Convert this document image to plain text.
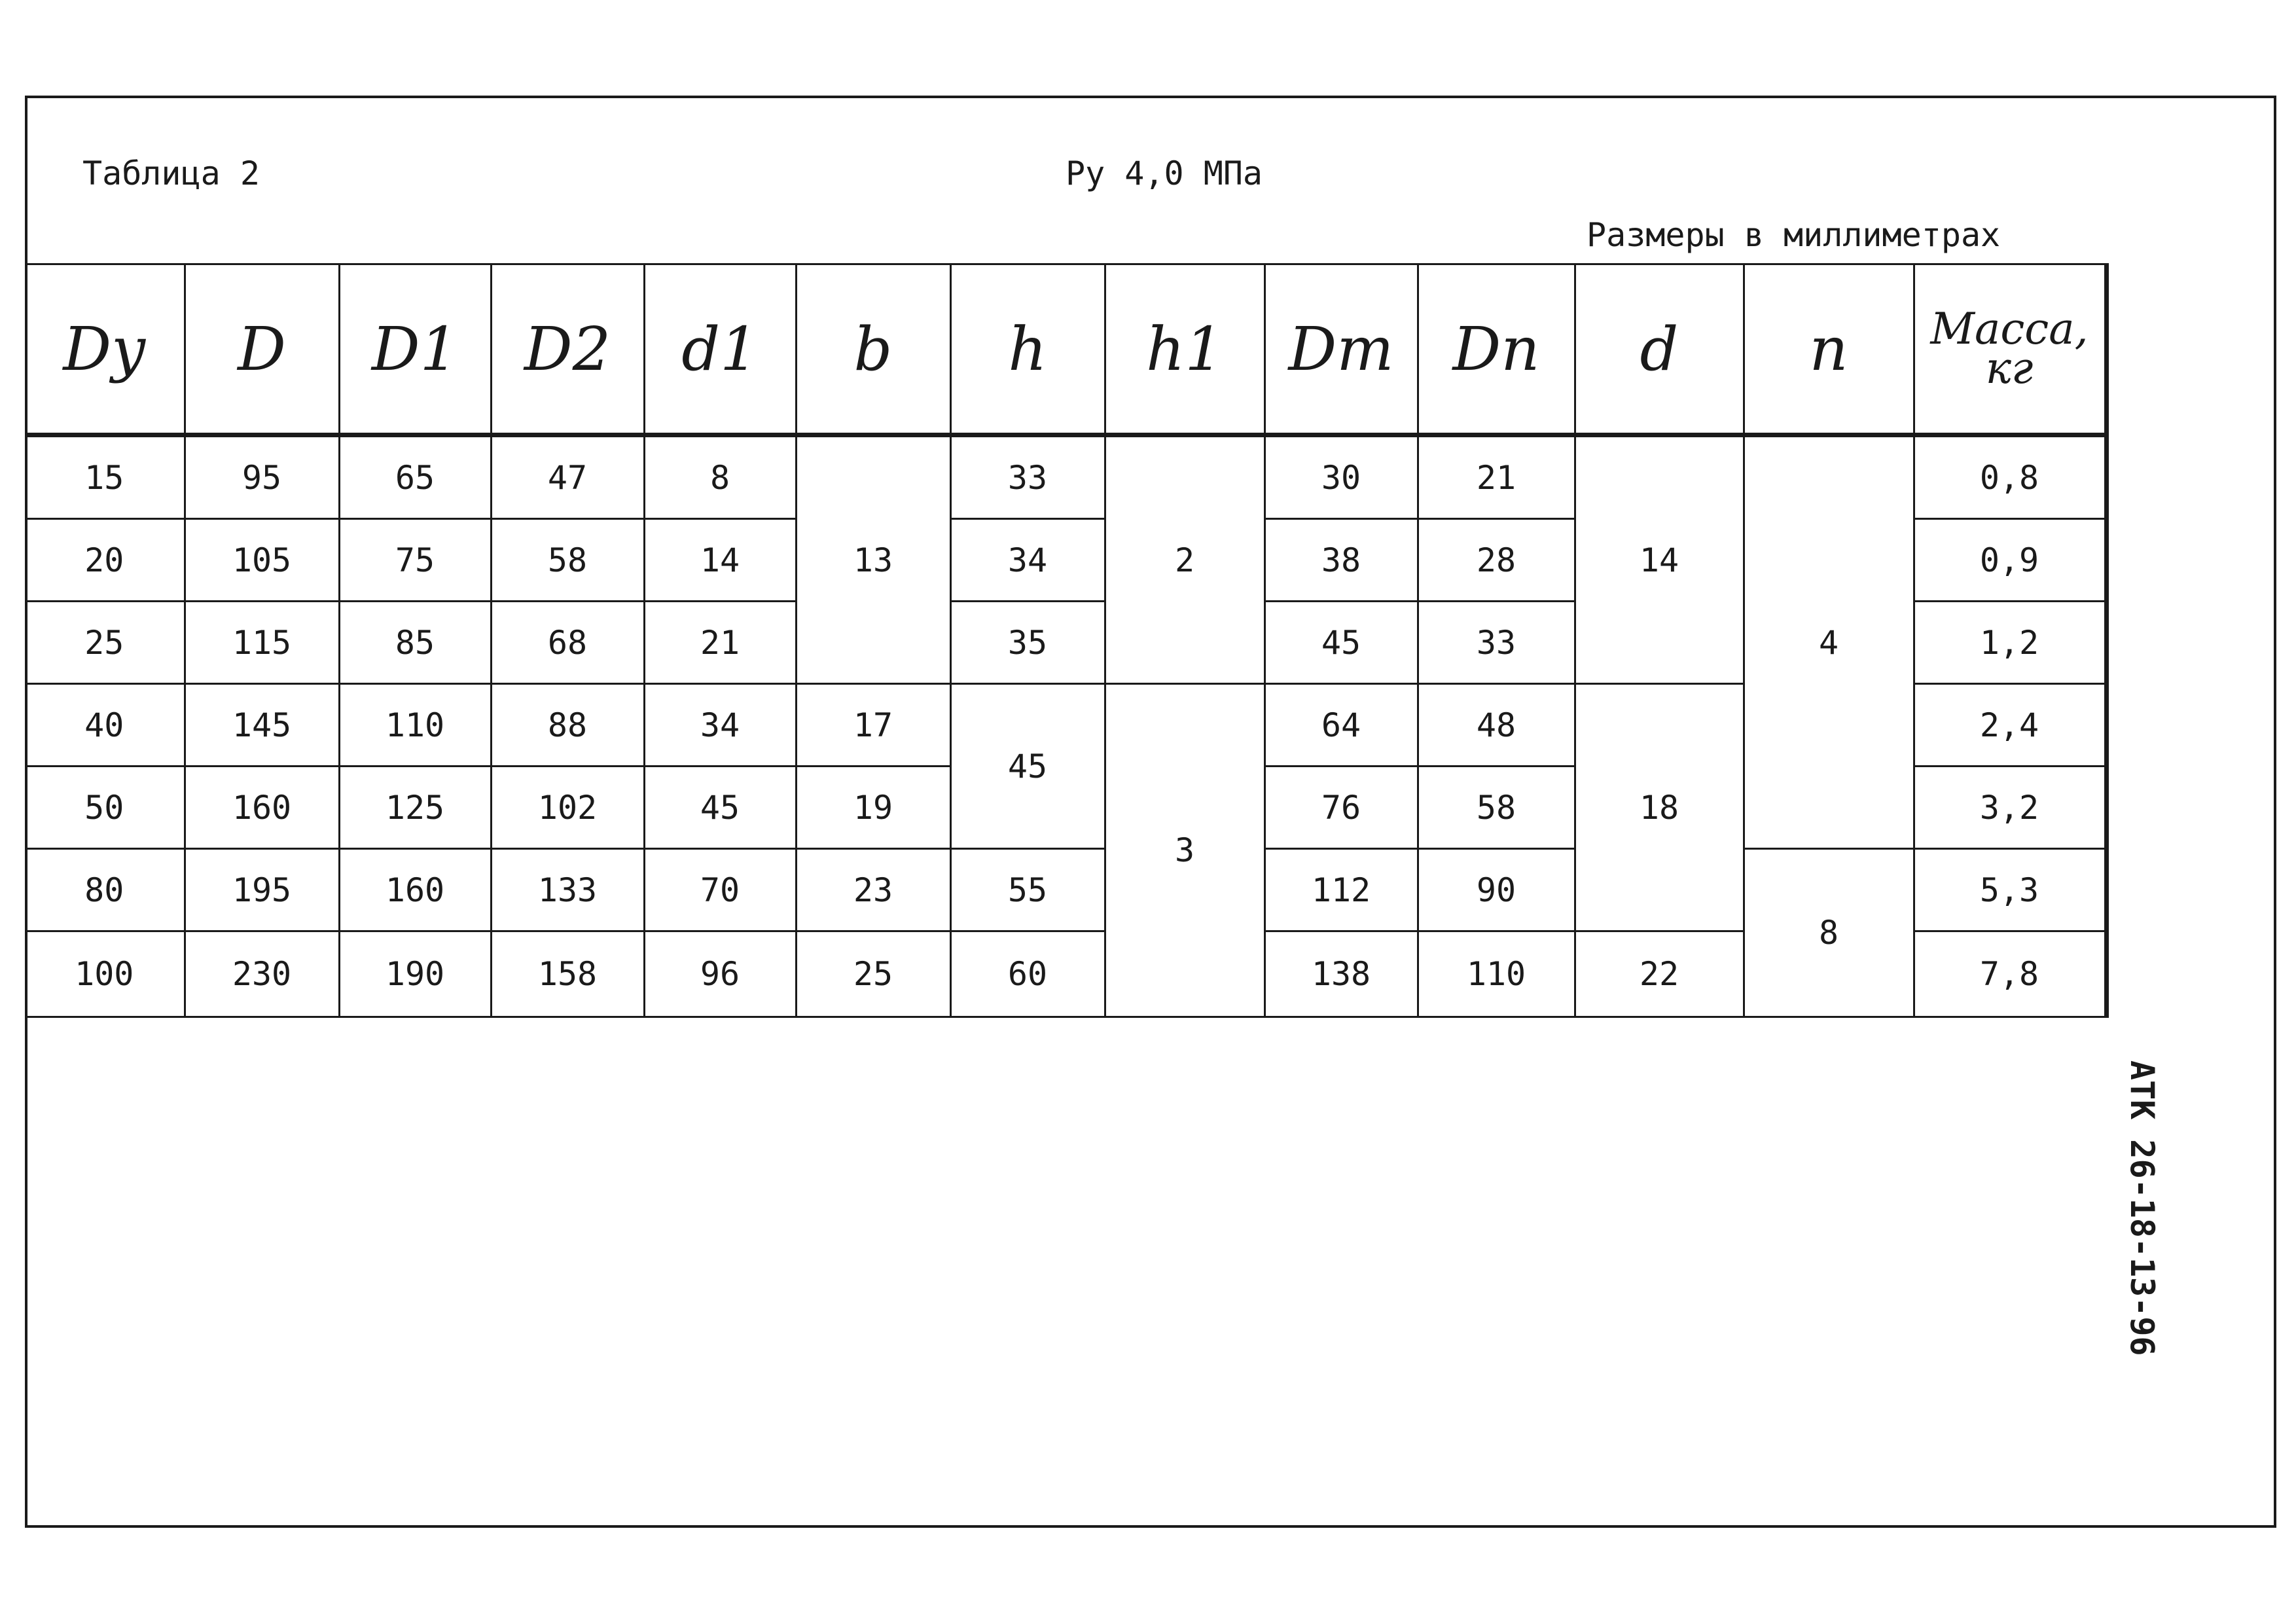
Таблица 2	Ру 4,0 МПа
Размеры в миллиметрах
АТК 26-18-13-96
Dy	D	D1	D2	d1	b	h	h1	Dm	Dn	d	n	Масса, кг
15	95	65	47	8	13	33	2	30	21	14	4	0,8
20	105	75	58	14		34		38	28			0,9
25	115	85	68	21		35		45	33			1,2
40	145	110	88	34	17	45	3	64	48	18		2,4
50	160	125	102	45	19			76	58			3,2
80	195	160	133	70	23	55		112	90		8	5,3
100	230	190	158	96	25	60		138	110	22		7,8
